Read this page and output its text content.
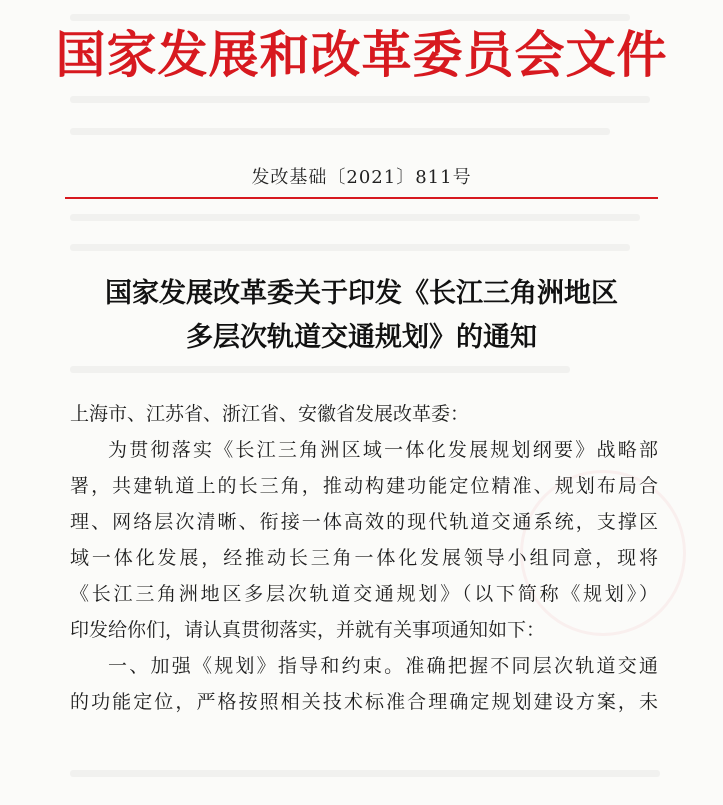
国家发展和改革委员会文件
发改基础〔2021〕811号
国家发展改革委关于印发《长江三角洲地区
多层次轨道交通规划》的通知
上海市、江苏省、浙江省、安徽省发展改革委：
为贯彻落实《长江三角洲区域一体化发展规划纲要》战略部
署，共建轨道上的长三角，推动构建功能定位精准、规划布局合
理、网络层次清晰、衔接一体高效的现代轨道交通系统，支撑区
域一体化发展，经推动长三角一体化发展领导小组同意，现将
《长江三角洲地区多层次轨道交通规划》（以下简称《规划》）
印发给你们，请认真贯彻落实，并就有关事项通知如下：
一、加强《规划》指导和约束。准确把握不同层次轨道交通
的功能定位，严格按照相关技术标准合理确定规划建设方案，未
